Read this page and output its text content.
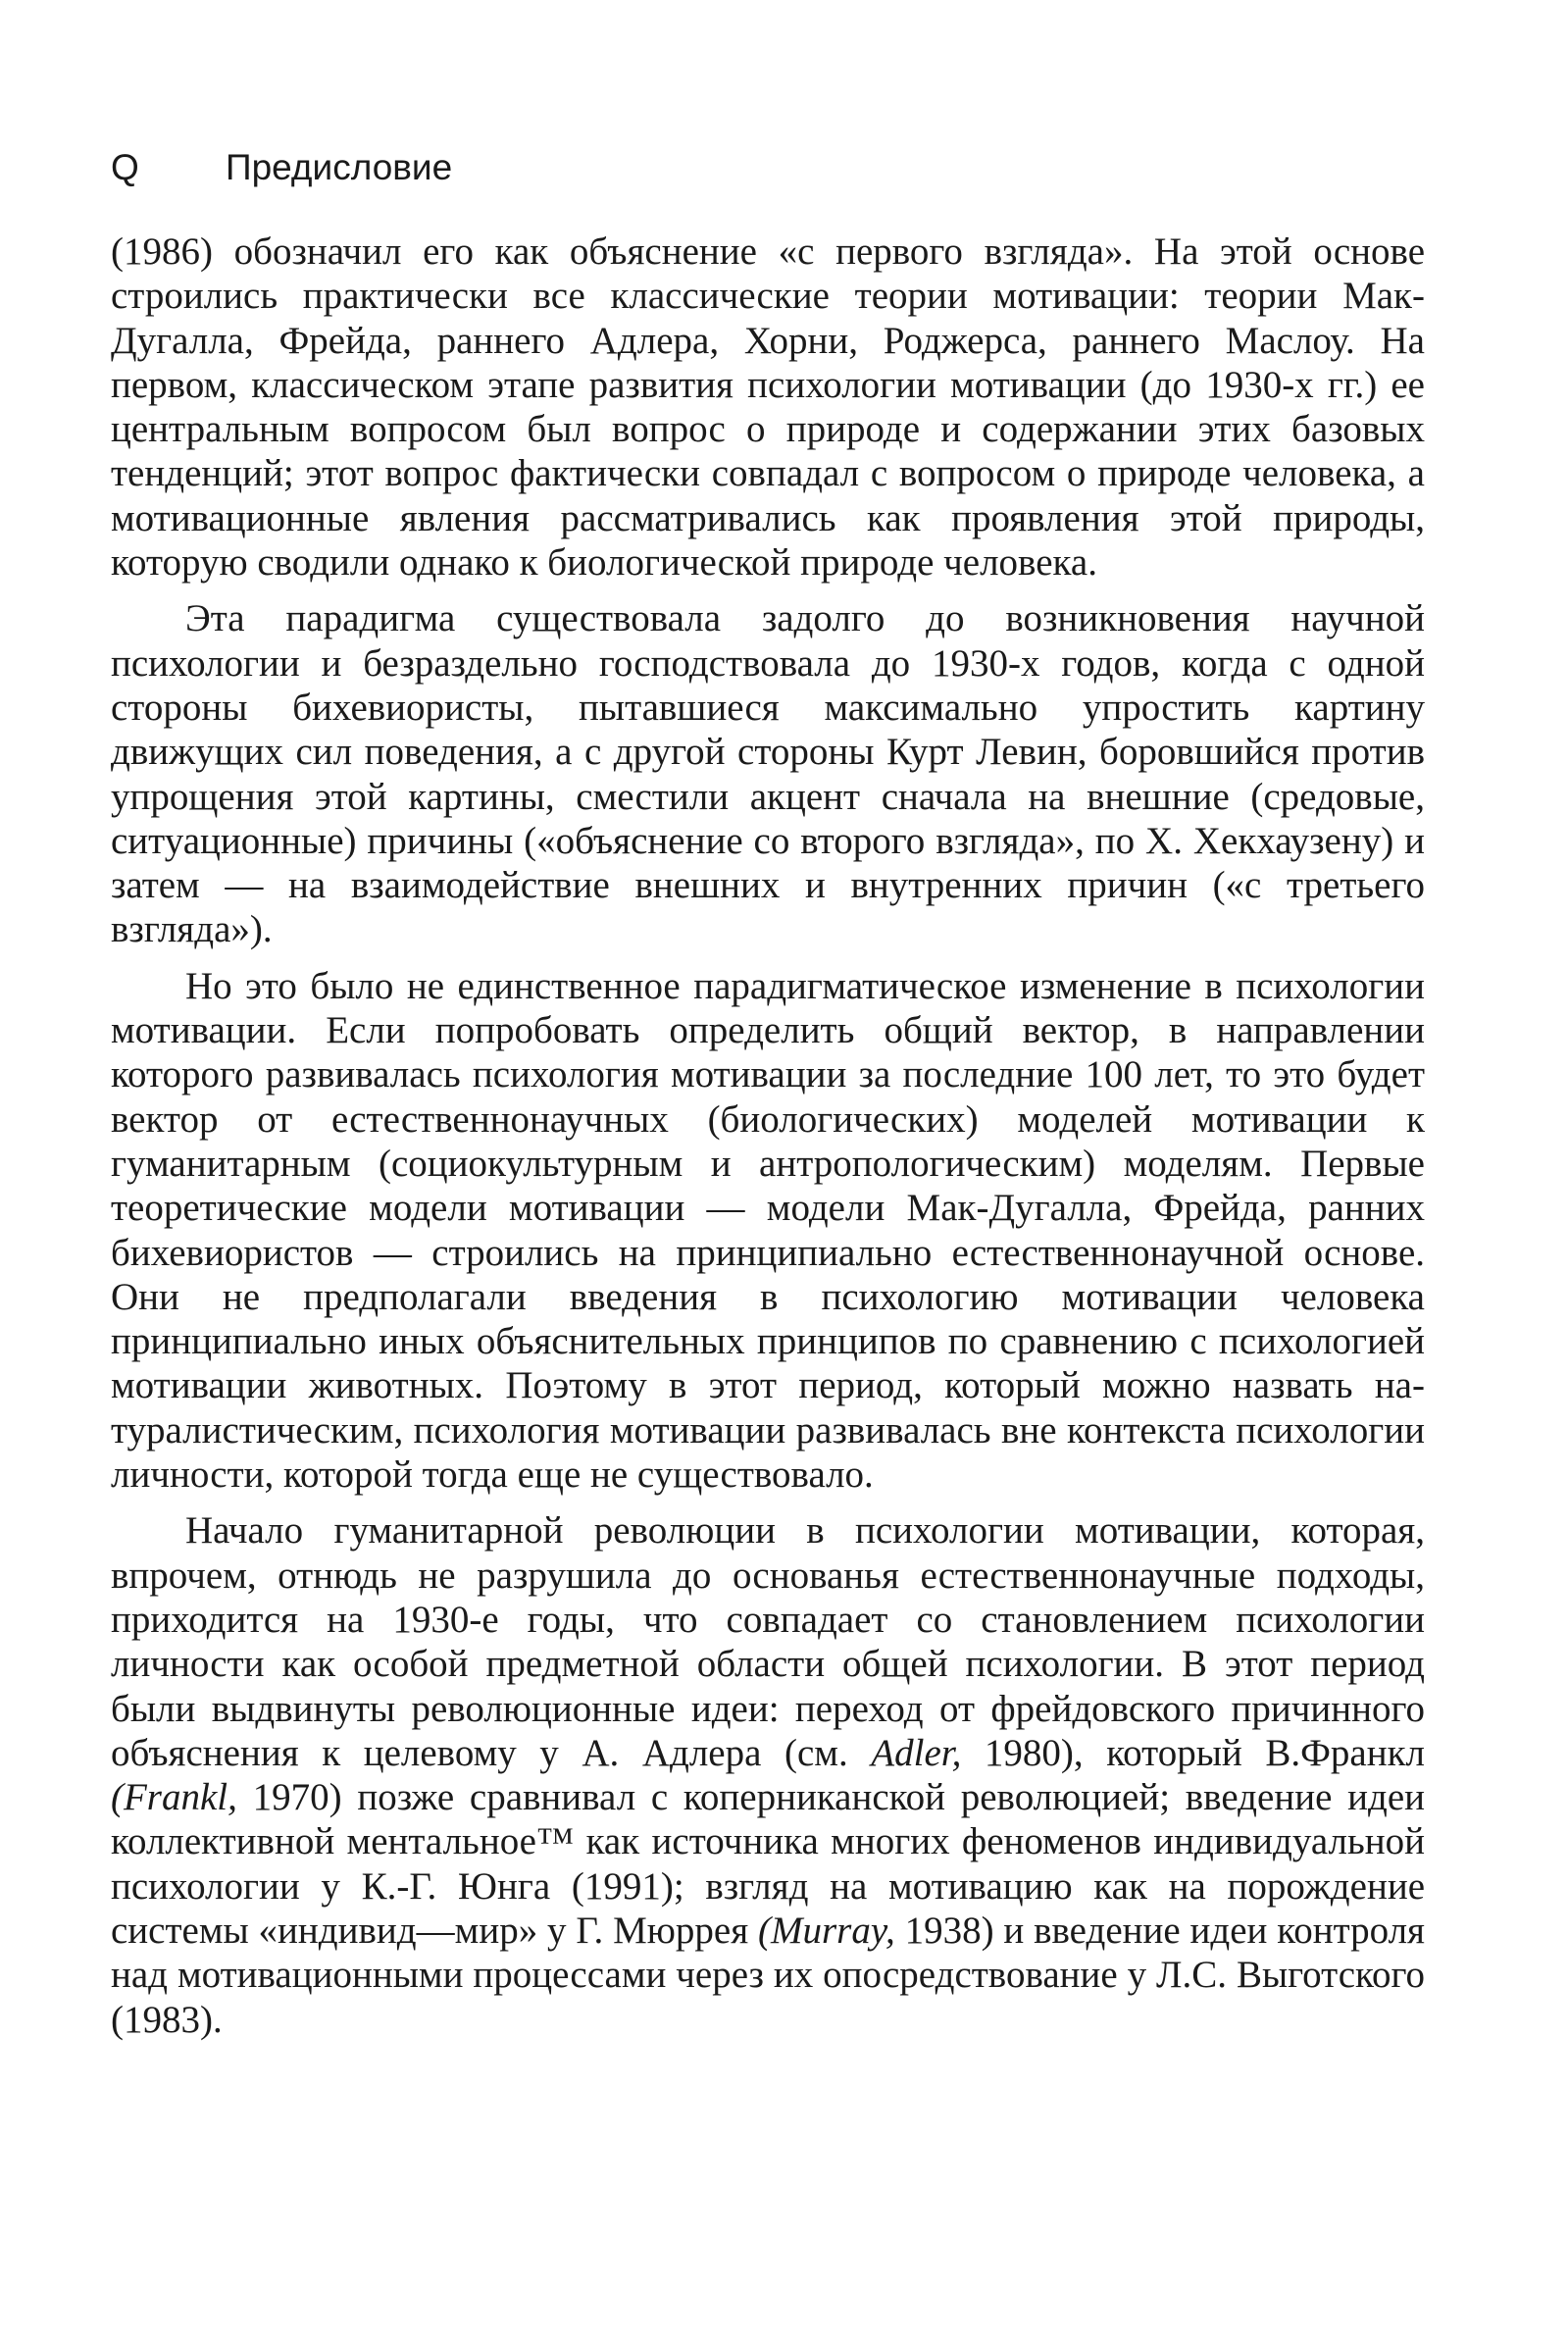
Q	Предисловие

(1986) обозначил его как объяснение «с первого взгляда». На этой основе строились практически все классические теории мотивации: теории Мак-Дугалла, Фрейда, раннего Адлера, Хорни, Роджерса, раннего Маслоу. На первом, классическом этапе развития психологии мотивации (до 1930-х гг.) ее центральным вопросом был вопрос о природе и содержании этих базовых тенденций; этот вопрос фактически совпадал с вопросом о природе человека, а мотивационные явления рассматривались как проявления этой природы, которую сводили однако к биологической природе человека.

Эта парадигма существовала задолго до возникновения научной психологии и безраздельно господствовала до 1930-х годов, когда с одной стороны бихевиористы, пытавшиеся максимально упростить картину движущих сил поведения, а с другой стороны Курт Левин, боровшийся против упрощения этой картины, сместили акцент сначала на внешние (средовые, ситуационные) причины («объяснение со второго взгляда», по X. Хекхаузену) и затем — на взаимодействие внешних и внутренних причин («с третьего взгляда»).

Но это было не единственное парадигматическое изменение в психологии мотивации. Если попробовать определить общий вектор, в направлении которого развивалась психология мотивации за последние 100 лет, то это будет вектор от естественнонаучных (биологических) моделей мотивации к гуманитарным (социокультурным и антропологическим) моделям. Первые теоретические модели мотивации — модели Мак-Дугалла, Фрейда, ранних бихевиористов — строились на принципиально естественнонаучной основе. Они не предполагали введения в психологию мотивации человека принципиально иных объяснительных принципов по сравнению с психологией мотивации животных. Поэтому в этот период, который можно назвать натуралистическим, психология мотивации развивалась вне контекста психологии личности, которой тогда еще не существовало.

Начало гуманитарной революции в психологии мотивации, которая, впрочем, отнюдь не разрушила до основанья естественнонаучные подходы, приходится на 1930-е годы, что совпадает со становлением психологии личности как особой предметной области общей психологии. В этот период были выдвинуты революционные идеи: переход от фрейдовского причинного объяснения к целевому у А. Адлера (см. Adler, 1980), который В.Франкл (Frankl, 1970) позже сравнивал с коперниканской революцией; введение идеи коллективной ментальное™ как источника многих феноменов индивидуальной психологии у К.-Г. Юнга (1991); взгляд на мотивацию как на порождение системы «индивид—мир» у Г. Мюррея (Murray, 1938) и введение идеи контроля над мотивационными процессами через их опосредствование у Л.С. Выготского (1983).
